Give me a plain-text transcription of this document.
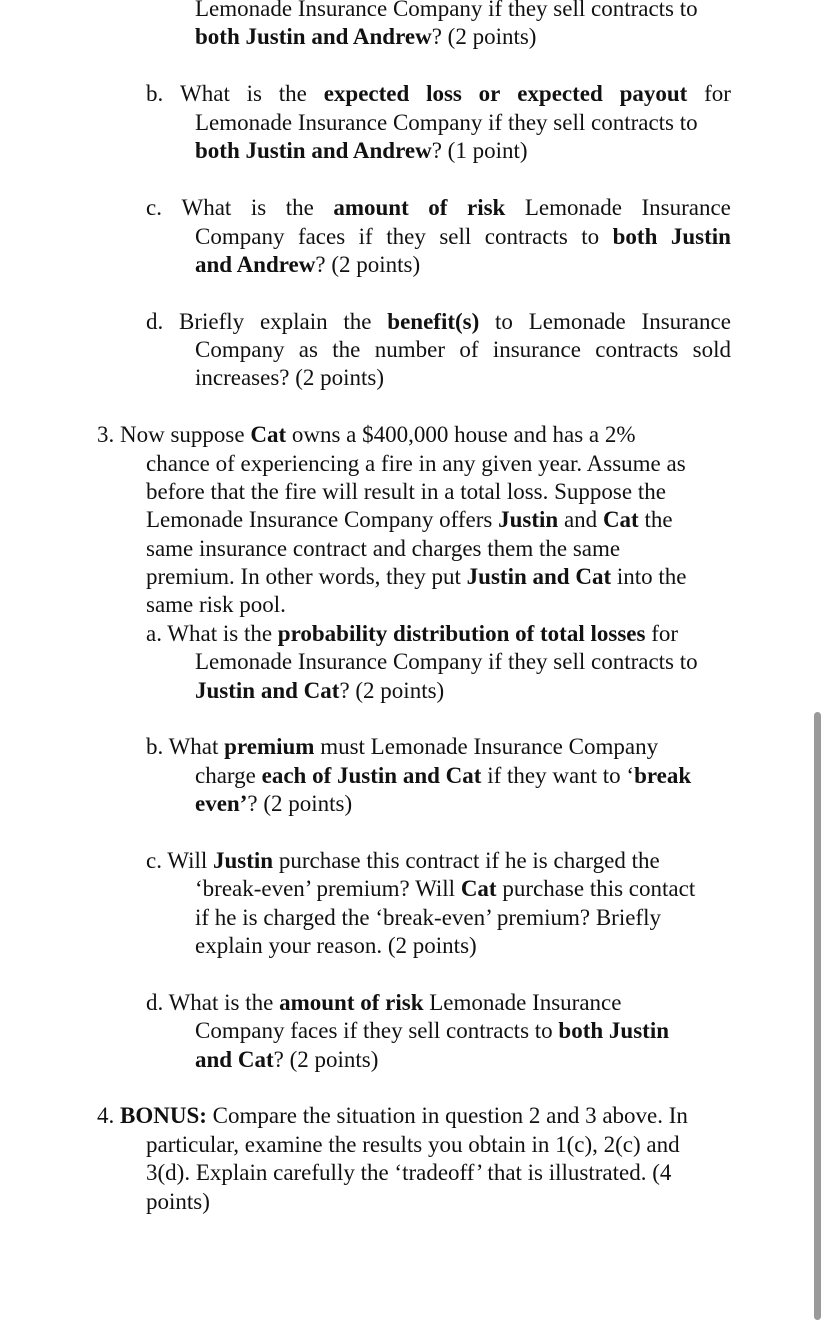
Lemonade Insurance Company if they sell contracts to
both Justin and Andrew? (2 points)
b. What is the expected loss or expected payout for
Lemonade Insurance Company if they sell contracts to
both Justin and Andrew? (1 point)
c. What is the amount of risk Lemonade Insurance
Company faces if they sell contracts to both Justin
and Andrew? (2 points)
d. Briefly explain the benefit(s) to Lemonade Insurance
Company as the number of insurance contracts sold
increases? (2 points)
3. Now suppose Cat owns a $400,000 house and has a 2%
chance of experiencing a fire in any given year. Assume as
before that the fire will result in a total loss. Suppose the
Lemonade Insurance Company offers Justin and Cat the
same insurance contract and charges them the same
premium. In other words, they put Justin and Cat into the
same risk pool.
a. What is the probability distribution of total losses for
Lemonade Insurance Company if they sell contracts to
Justin and Cat? (2 points)
b. What premium must Lemonade Insurance Company
charge each of Justin and Cat if they want to ‘break
even’? (2 points)
c. Will Justin purchase this contract if he is charged the
‘break-even’ premium? Will Cat purchase this contact
if he is charged the ‘break-even’ premium? Briefly
explain your reason. (2 points)
d. What is the amount of risk Lemonade Insurance
Company faces if they sell contracts to both Justin
and Cat? (2 points)
4. BONUS: Compare the situation in question 2 and 3 above. In
particular, examine the results you obtain in 1(c), 2(c) and
3(d). Explain carefully the ‘tradeoff’ that is illustrated. (4
points)
